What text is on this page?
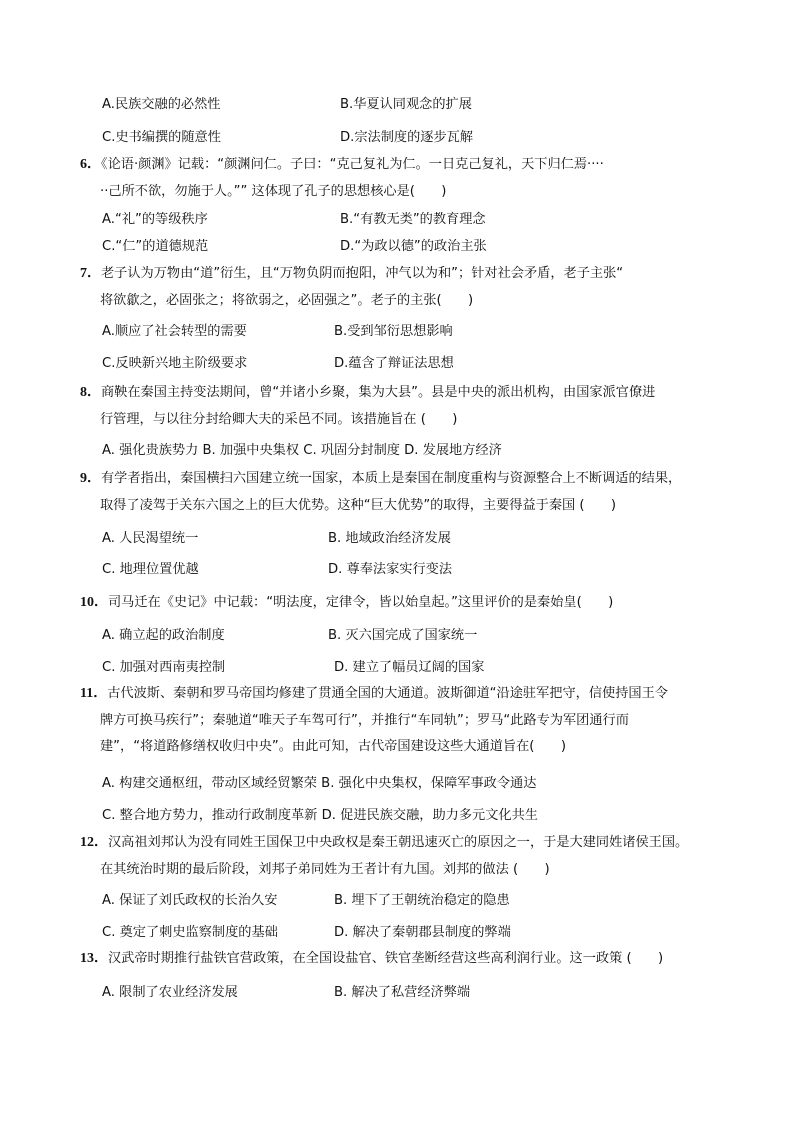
A.民族交融的必然性	B.华夏认同观念的扩展
C.史书编撰的随意性	D.宗法制度的逐步瓦解
6．《论语·颜渊》记载：“颜渊问仁。子曰：“克己复礼为仁。一日克己复礼，天下归仁焉····
··己所不欲，勿施于人。”” 这体现了孔子的思想核心是(　　)
A.“礼”的等级秩序	B.“有教无类”的教育理念
C.“仁”的道德规范	D.“为政以德”的政治主张
7．老子认为万物由“道”衍生，且“万物负阴而抱阳，冲气以为和”；针对社会矛盾，老子主张“
将欲歙之，必固张之；将欲弱之，必固强之”。老子的主张(　　)
A.顺应了社会转型的需要	B.受到邹衍思想影响
C.反映新兴地主阶级要求	D.蕴含了辩证法思想
8．商鞅在秦国主持变法期间，曾“并诸小乡聚，集为大县”。县是中央的派出机构，由国家派官僚进
行管理，与以往分封给卿大夫的采邑不同。该措施旨在 (　　)
A. 强化贵族势力 B. 加强中央集权 C. 巩固分封制度 D. 发展地方经济
9．有学者指出，秦国横扫六国建立统一国家，本质上是秦国在制度重构与资源整合上不断调适的结果，
取得了凌驾于关东六国之上的巨大优势。这种“巨大优势”的取得，主要得益于秦国 (　　)
A. 人民渴望统一	B. 地域政治经济发展
C. 地理位置优越	D. 尊奉法家实行变法
10．司马迁在《史记》中记载：“明法度，定律令，皆以始皇起。”这里评价的是秦始皇(　　)
A. 确立起的政治制度	B. 灭六国完成了国家统一
C. 加强对西南夷控制	D. 建立了幅员辽阔的国家
11．古代波斯、秦朝和罗马帝国均修建了贯通全国的大通道。波斯御道“沿途驻军把守，信使持国王令
牌方可换马疾行”；秦驰道“唯天子车驾可行”，并推行“车同轨”；罗马“此路专为军团通行而
建”，“将道路修缮权收归中央”。由此可知，古代帝国建设这些大通道旨在(　　)
A. 构建交通枢纽，带动区域经贸繁荣 B. 强化中央集权，保障军事政令通达
C. 整合地方势力，推动行政制度革新 D. 促进民族交融，助力多元文化共生
12．汉高祖刘邦认为没有同姓王国保卫中央政权是秦王朝迅速灭亡的原因之一，于是大建同姓诸侯王国。
在其统治时期的最后阶段，刘邦子弟同姓为王者计有九国。刘邦的做法 (　　)
A. 保证了刘氏政权的长治久安	B. 埋下了王朝统治稳定的隐患
C. 奠定了刺史监察制度的基础	D. 解决了秦朝郡县制度的弊端
13．汉武帝时期推行盐铁官营政策，在全国设盐官、铁官垄断经营这些高利润行业。这一政策 (　　)
A. 限制了农业经济发展	B. 解决了私营经济弊端
